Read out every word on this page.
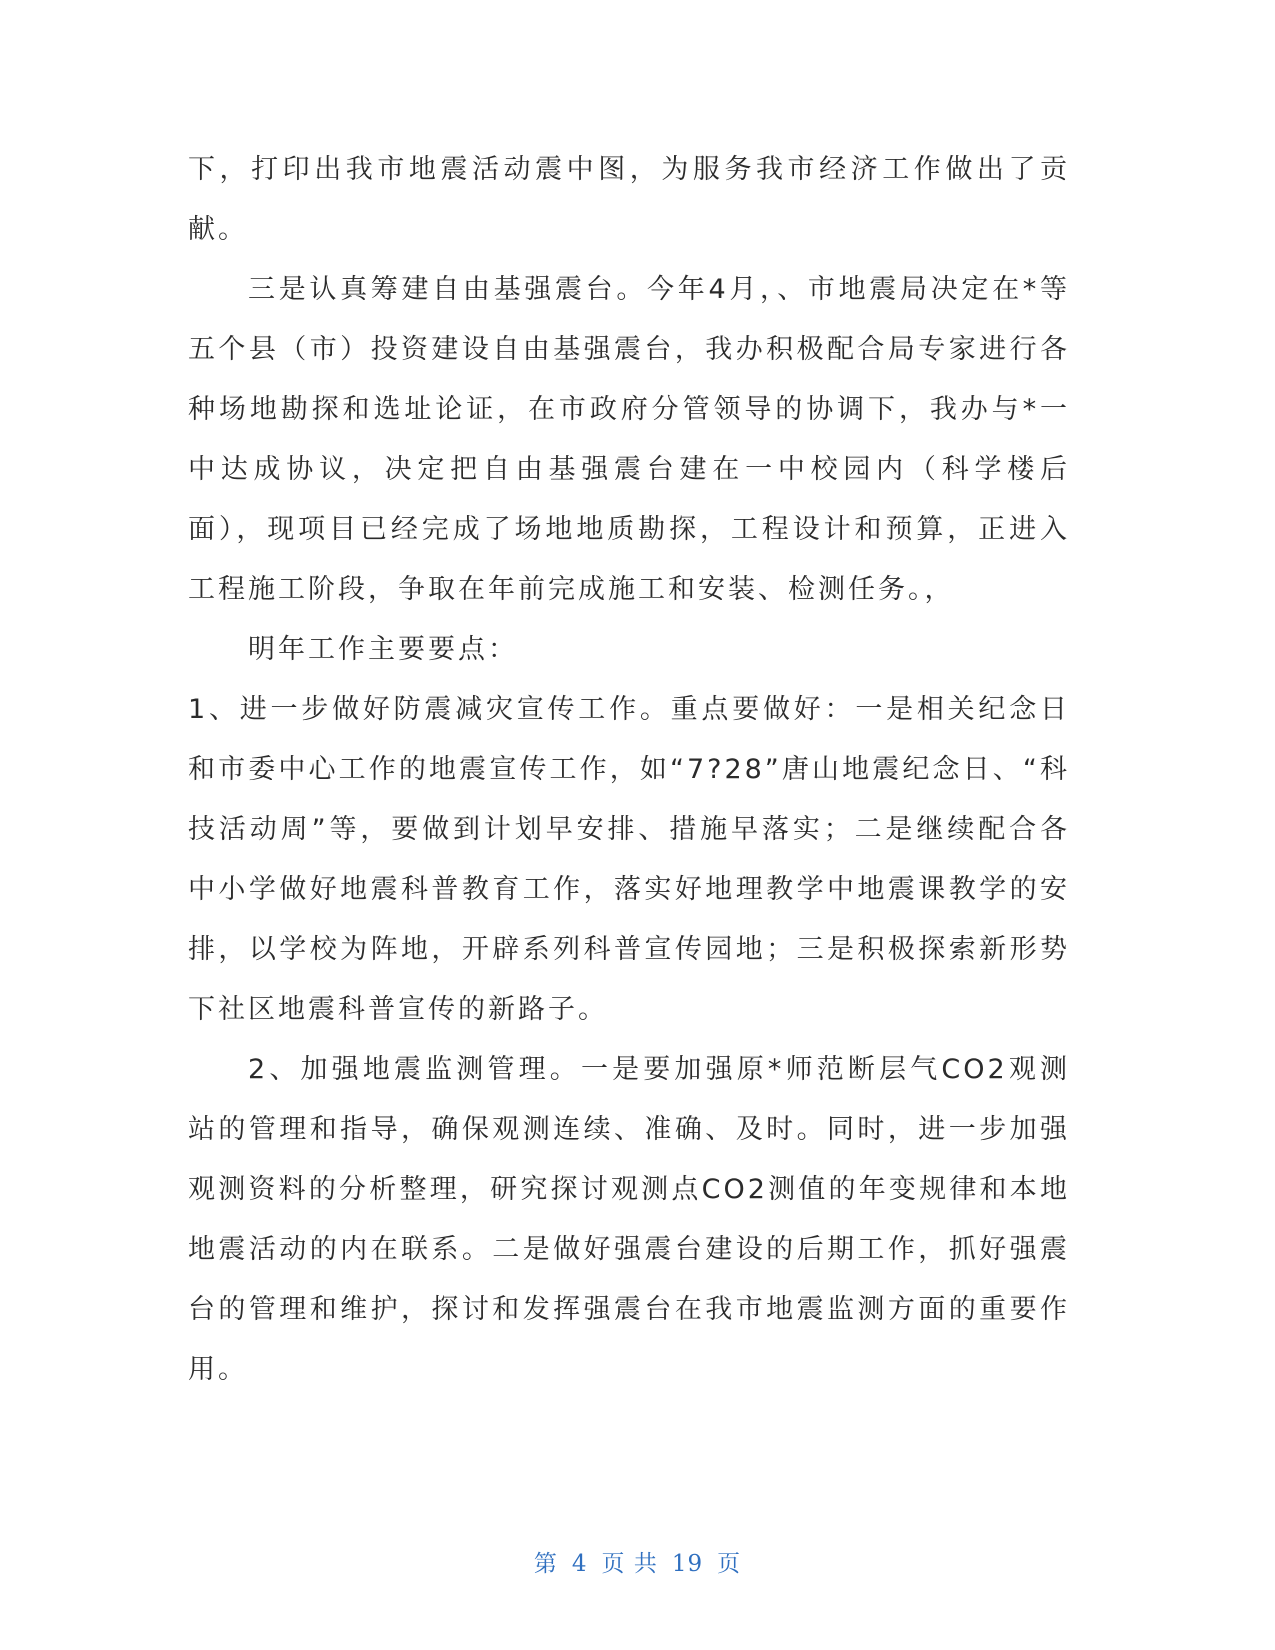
下，打印出我市地震活动震中图，为服务我市经济工作做出了贡献。

三是认真筹建自由基强震台。今年4月，、市地震局决定在*等五个县（市）投资建设自由基强震台，我办积极配合局专家进行各种场地勘探和选址论证，在市政府分管领导的协调下，我办与*一中达成协议，决定把自由基强震台建在一中校园内（科学楼后面），现项目已经完成了场地地质勘探，工程设计和预算，正进入工程施工阶段，争取在年前完成施工和安装、检测任务。，

明年工作主要要点：

1、进一步做好防震减灾宣传工作。重点要做好：一是相关纪念日和市委中心工作的地震宣传工作，如“7?28”唐山地震纪念日、“科技活动周”等，要做到计划早安排、措施早落实；二是继续配合各中小学做好地震科普教育工作，落实好地理教学中地震课教学的安排，以学校为阵地，开辟系列科普宣传园地；三是积极探索新形势下社区地震科普宣传的新路子。

2、加强地震监测管理。一是要加强原*师范断层气CO2观测站的管理和指导，确保观测连续、准确、及时。同时，进一步加强观测资料的分析整理，研究探讨观测点CO2测值的年变规律和本地地震活动的内在联系。二是做好强震台建设的后期工作，抓好强震台的管理和维护，探讨和发挥强震台在我市地震监测方面的重要作用。

第 4 页 共 19 页
